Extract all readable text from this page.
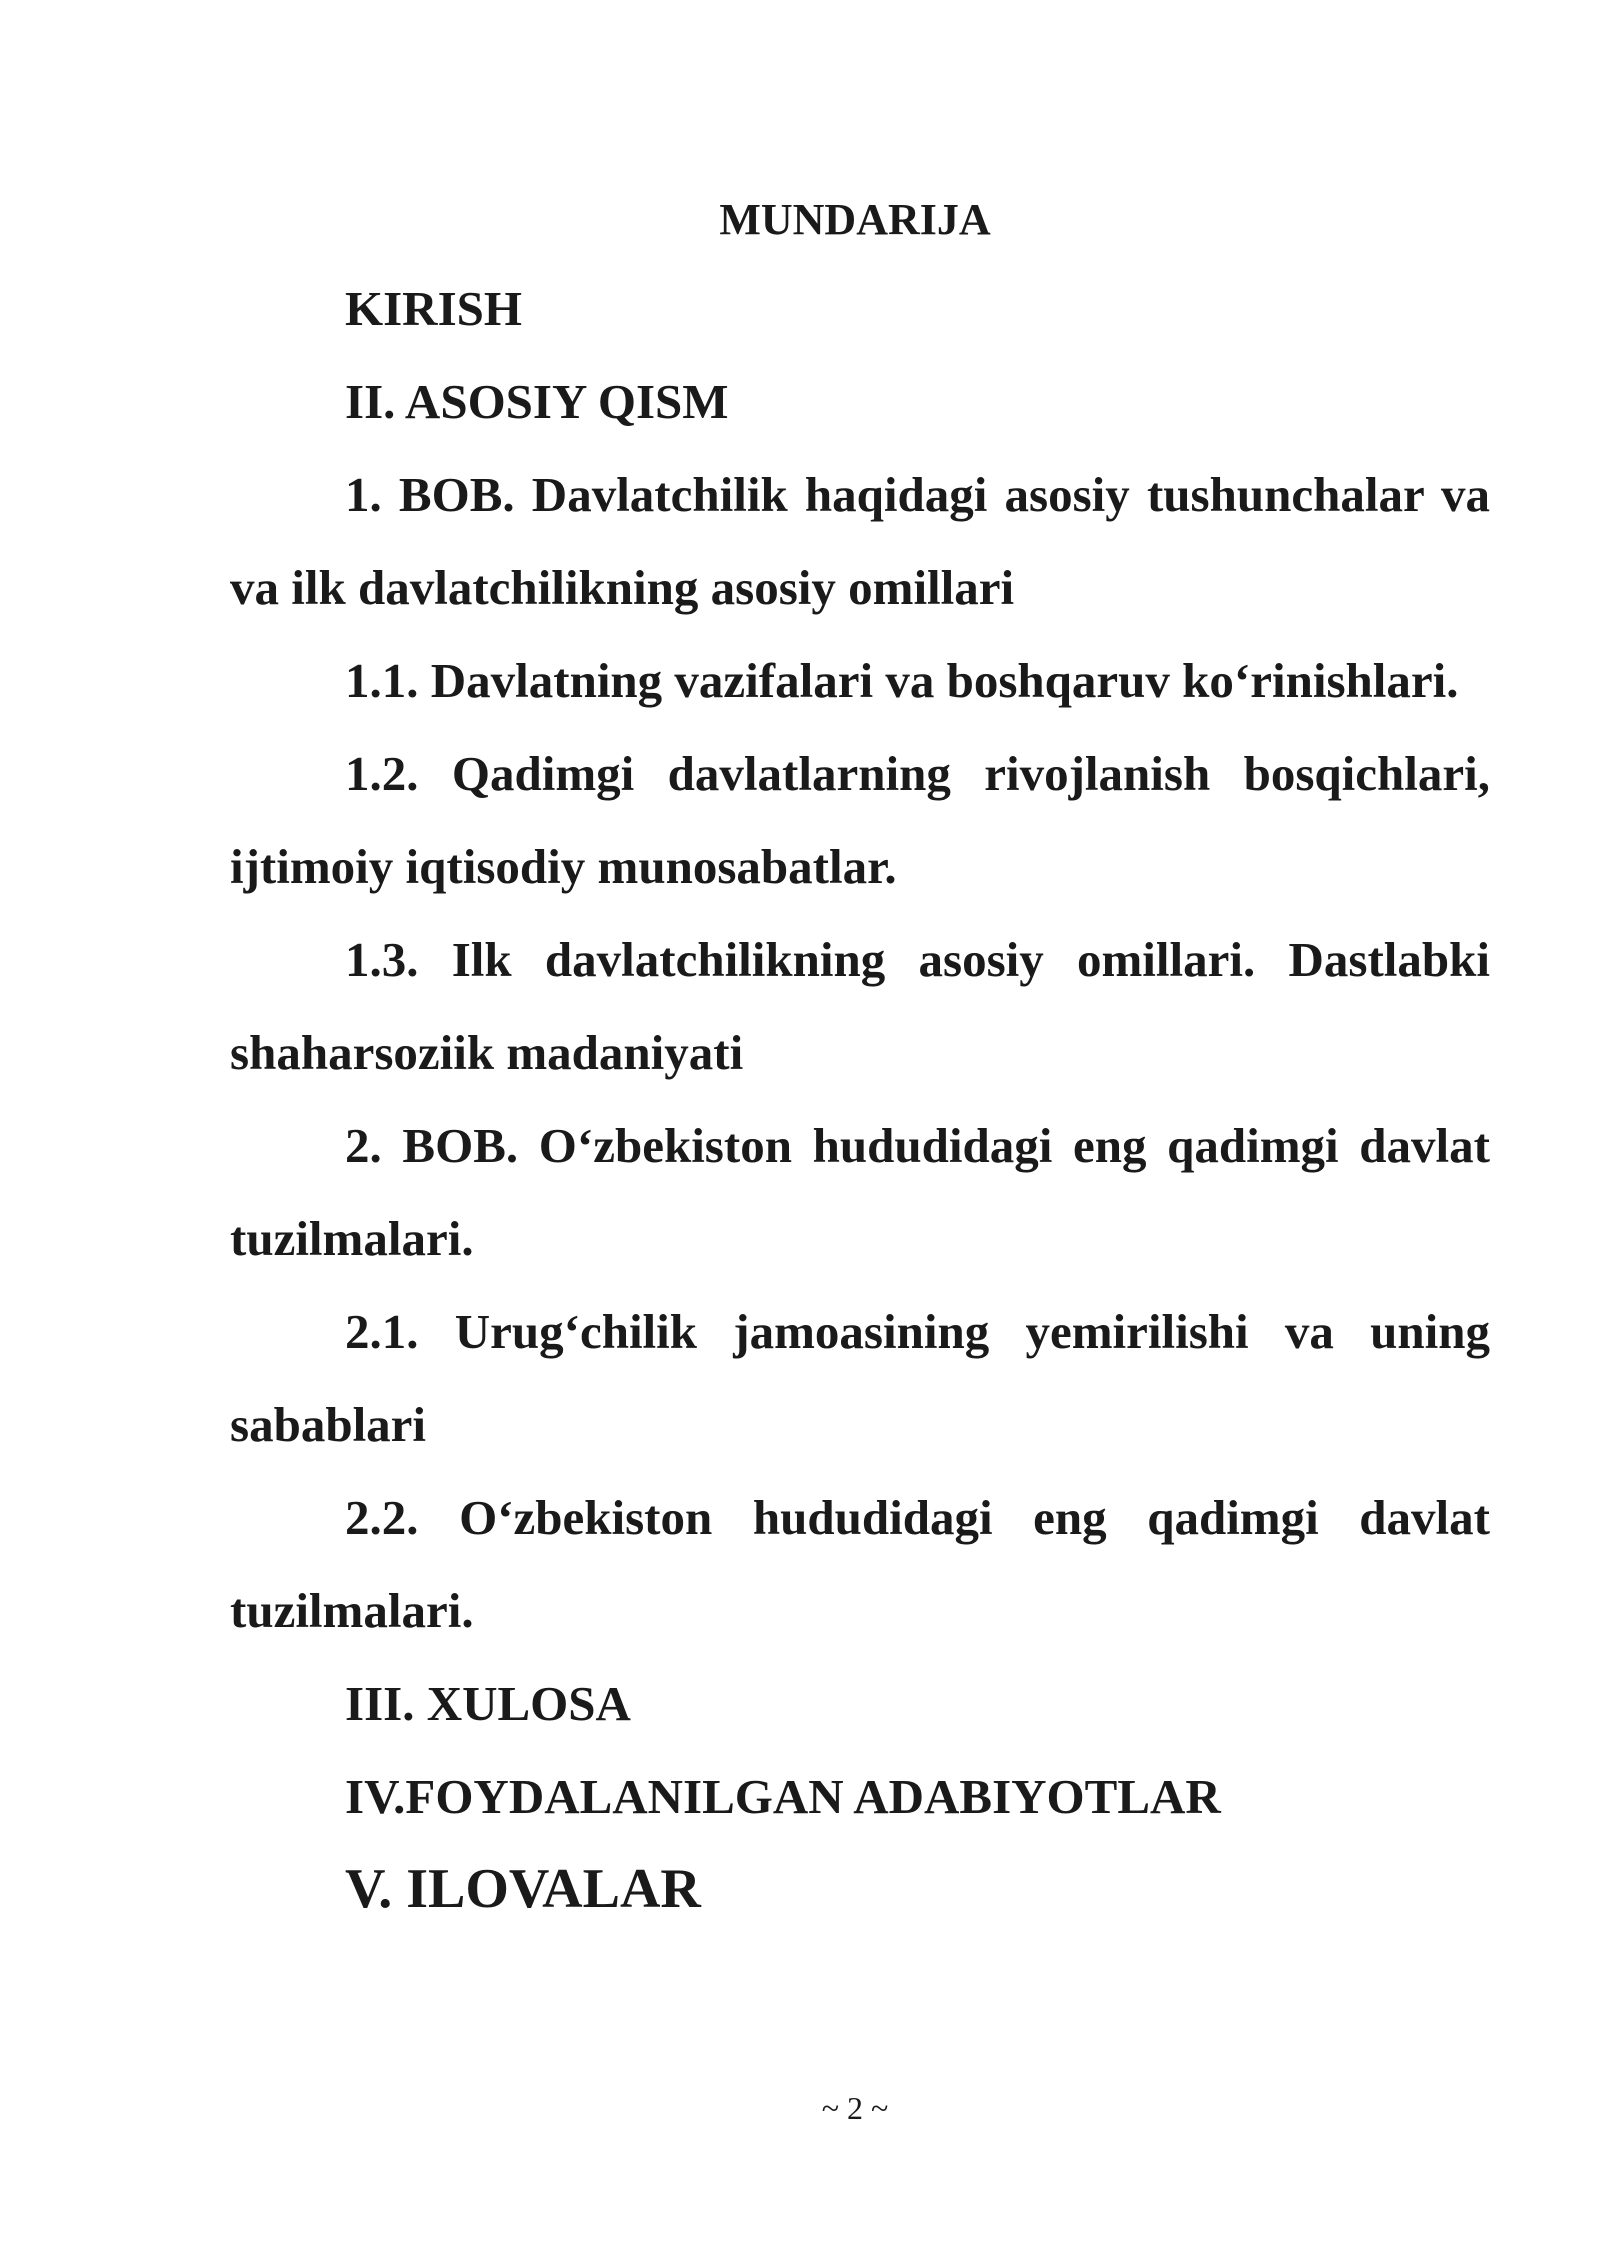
MUNDARIJA
KIRISH
II. ASOSIY QISM
1. BOB. Davlatchilik haqidagi asosiy tushunchalar va va ilk davlatchilikning asosiy omillari
1.1. Davlatning vazifalari va boshqaruv ko‘rinishlari.
1.2. Qadimgi davlatlarning rivojlanish bosqichlari, ijtimoiy iqtisodiy munosabatlar.
1.3. Ilk davlatchilikning asosiy omillari. Dastlabki shaharsoziik madaniyati
2. BOB. O‘zbekiston hududidagi eng qadimgi davlat tuzilmalari.
2.1. Urug‘chilik jamoasining yemirilishi va uning sabablari
2.2. O‘zbekiston hududidagi eng qadimgi davlat tuzilmalari.
III. XULOSA
IV.FOYDALANILGAN ADABIYOTLAR
V. ILOVALAR
~ 2 ~
